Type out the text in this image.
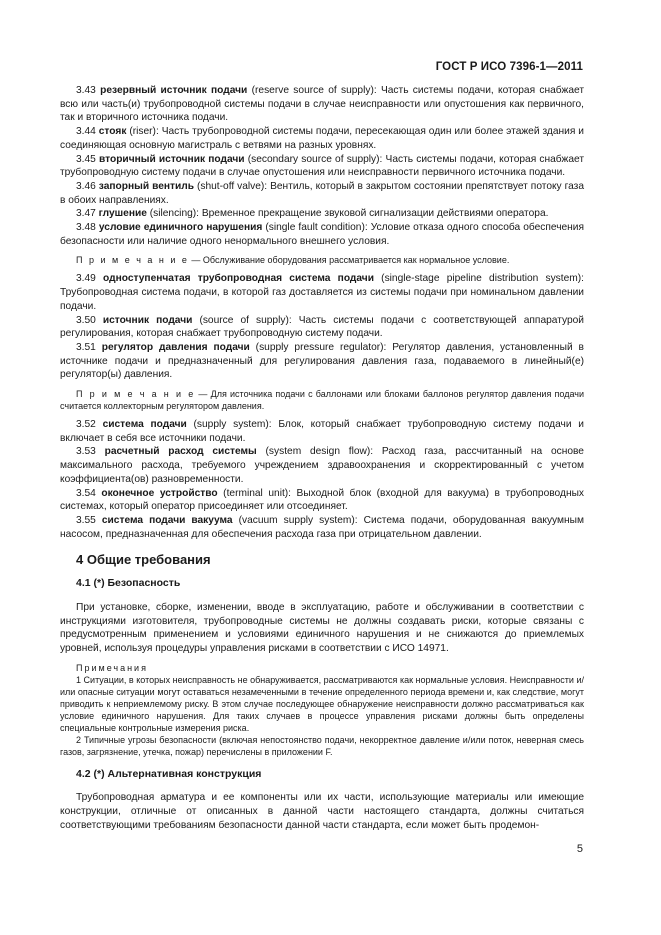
ГОСТ Р ИСО 7396-1—2011

3.43 резервный источник подачи (reserve source of supply): Часть системы подачи, которая снабжает всю или часть(и) трубопроводной системы подачи в случае неисправности или опустошения как первичного, так и вторичного источника подачи.

3.44 стояк (riser): Часть трубопроводной системы подачи, пересекающая один или более этажей здания и соединяющая основную магистраль с ветвями на разных уровнях.

3.45 вторичный источник подачи (secondary source of supply): Часть системы подачи, которая снабжает трубопроводную систему подачи в случае опустошения или неисправности первичного источника подачи.

3.46 запорный вентиль (shut-off valve): Вентиль, который в закрытом состоянии препятствует потоку газа в обоих направлениях.

3.47 глушение (silencing): Временное прекращение звуковой сигнализации действиями оператора.

3.48 условие единичного нарушения (single fault condition): Условие отказа одного способа обеспечения безопасности или наличие одного ненормального внешнего условия.

П р и м е ч а н и е — Обслуживание оборудования рассматривается как нормальное условие.

3.49 одноступенчатая трубопроводная система подачи (single-stage pipeline distribution system): Трубопроводная система подачи, в которой газ доставляется из системы подачи при номинальном давлении подачи.

3.50 источник подачи (source of supply): Часть системы подачи с соответствующей аппаратурой регулирования, которая снабжает трубопроводную систему подачи.

3.51 регулятор давления подачи (supply pressure regulator): Регулятор давления, установленный в источнике подачи и предназначенный для регулирования давления газа, подаваемого в линейный(е) регулятор(ы) давления.

П р и м е ч а н и е — Для источника подачи с баллонами или блоками баллонов регулятор давления подачи считается коллекторным регулятором давления.

3.52 система подачи (supply system): Блок, который снабжает трубопроводную систему подачи и включает в себя все источники подачи.

3.53 расчетный расход системы (system design flow): Расход газа, рассчитанный на основе максимального расхода, требуемого учреждением здравоохранения и скорректированный с учетом коэффициента(ов) разновременности.

3.54 оконечное устройство (terminal unit): Выходной блок (входной для вакуума) в трубопроводных системах, который оператор присоединяет или отсоединяет.

3.55 система подачи вакуума (vacuum supply system): Система подачи, оборудованная вакуумным насосом, предназначенная для обеспечения расхода газа при отрицательном давлении.

4 Общие требования
4.1 (*) Безопасность

При установке, сборке, изменении, вводе в эксплуатацию, работе и обслуживании в соответствии с инструкциями изготовителя, трубопроводные системы не должны создавать риски, которые связаны с предусмотренным применением и условиями единичного нарушения и не снижаются до приемлемых уровней, используя процедуры управления рисками в соответствии с ИСО 14971.

Примечания

1 Ситуации, в которых неисправность не обнаруживается, рассматриваются как нормальные условия. Неисправности и/или опасные ситуации могут оставаться незамеченными в течение определенного периода времени и, как следствие, могут приводить к неприемлемому риску. В этом случае последующее обнаружение неисправности должно рассматриваться как условие единичного нарушения. Для таких случаев в процессе управления рисками должны быть определены специальные контрольные измерения риска.

2 Типичные угрозы безопасности (включая непостоянство подачи, некорректное давление и/или поток, неверная смесь газов, загрязнение, утечка, пожар) перечислены в приложении F.

4.2 (*) Альтернативная конструкция

Трубопроводная арматура и ее компоненты или их части, использующие материалы или имеющие конструкции, отличные от описанных в данной части настоящего стандарта, должны считаться соответствующими требованиям безопасности данной части стандарта, если может быть продемон-

5
